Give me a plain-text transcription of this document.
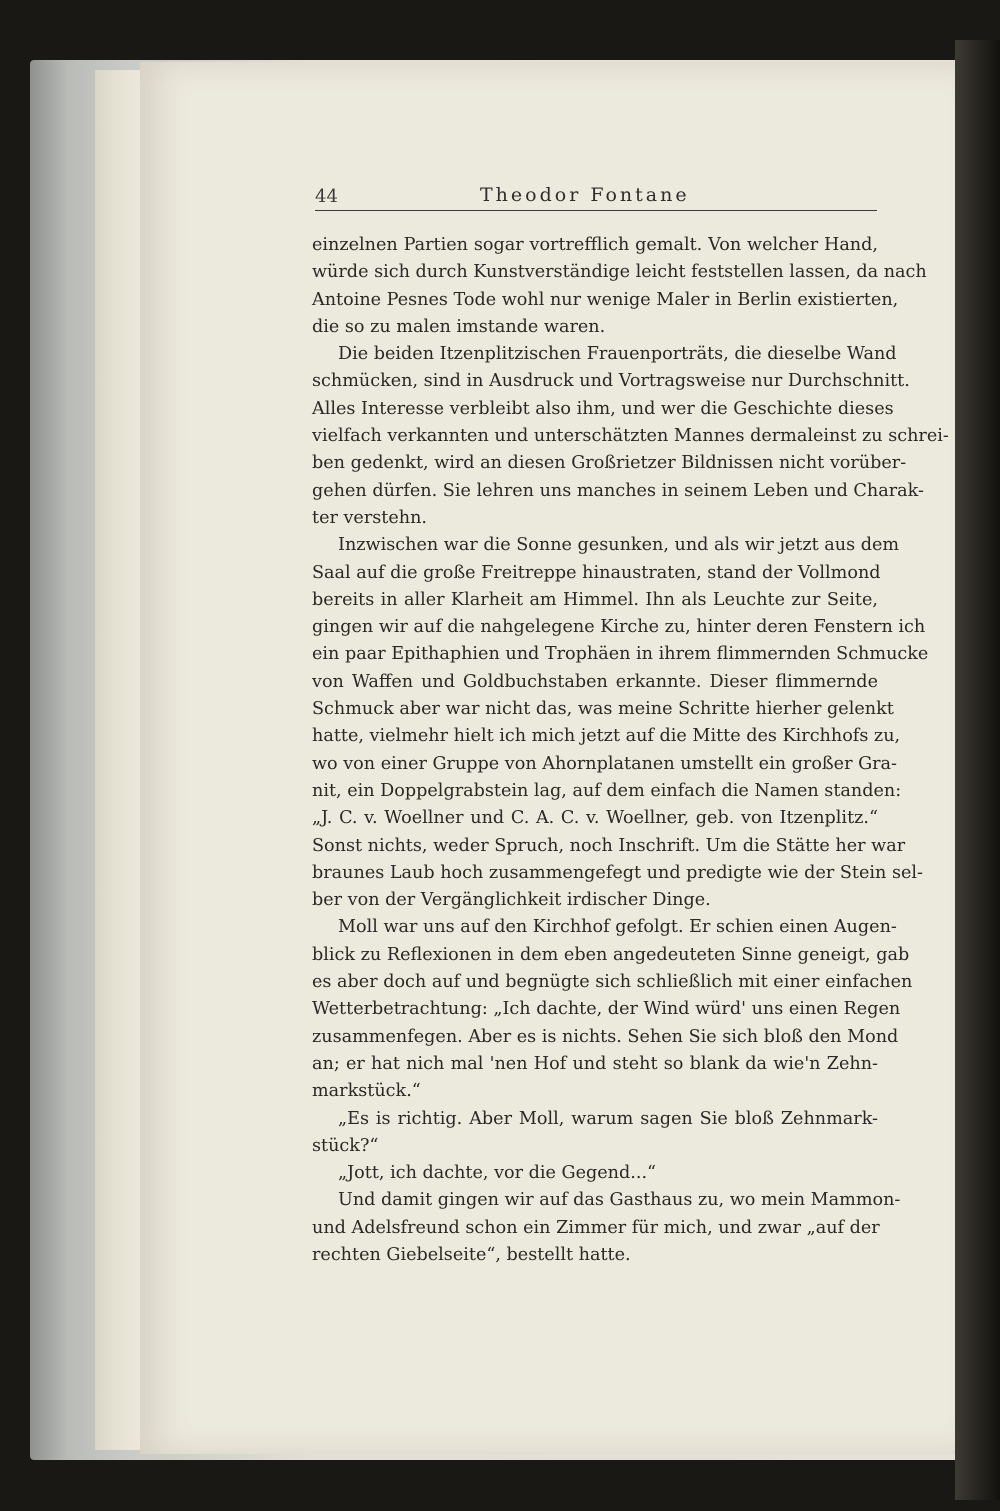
44	Theodor Fontane

einzelnen Partien sogar vortrefflich gemalt. Von welcher Hand,
würde sich durch Kunstverständige leicht feststellen lassen, da nach
Antoine Pesnes Tode wohl nur wenige Maler in Berlin existierten,
die so zu malen imstande waren.

Die beiden Itzenplitzischen Frauenporträts, die dieselbe Wand
schmücken, sind in Ausdruck und Vortragsweise nur Durchschnitt.
Alles Interesse verbleibt also ihm, und wer die Geschichte dieses
vielfach verkannten und unterschätzten Mannes dermaleinst zu schrei-
ben gedenkt, wird an diesen Großrietzer Bildnissen nicht vorüber-
gehen dürfen. Sie lehren uns manches in seinem Leben und Charak-
ter verstehn.

Inzwischen war die Sonne gesunken, und als wir jetzt aus dem
Saal auf die große Freitreppe hinaustraten, stand der Vollmond
bereits in aller Klarheit am Himmel. Ihn als Leuchte zur Seite,
gingen wir auf die nahgelegene Kirche zu, hinter deren Fenstern ich
ein paar Epithaphien und Trophäen in ihrem flimmernden Schmucke
von Waffen und Goldbuchstaben erkannte. Dieser flimmernde
Schmuck aber war nicht das, was meine Schritte hierher gelenkt
hatte, vielmehr hielt ich mich jetzt auf die Mitte des Kirchhofs zu,
wo von einer Gruppe von Ahornplatanen umstellt ein großer Gra-
nit, ein Doppelgrabstein lag, auf dem einfach die Namen standen:
„J. C. v. Woellner und C. A. C. v. Woellner, geb. von Itzenplitz.“
Sonst nichts, weder Spruch, noch Inschrift. Um die Stätte her war
braunes Laub hoch zusammengefegt und predigte wie der Stein sel-
ber von der Vergänglichkeit irdischer Dinge.

Moll war uns auf den Kirchhof gefolgt. Er schien einen Augen-
blick zu Reflexionen in dem eben angedeuteten Sinne geneigt, gab
es aber doch auf und begnügte sich schließlich mit einer einfachen
Wetterbetrachtung: „Ich dachte, der Wind würd' uns einen Regen
zusammenfegen. Aber es is nichts. Sehen Sie sich bloß den Mond
an; er hat nich mal 'nen Hof und steht so blank da wie'n Zehn-
markstück.“

„Es is richtig. Aber Moll, warum sagen Sie bloß Zehnmark-
stück?“

„Jott, ich dachte, vor die Gegend...“

Und damit gingen wir auf das Gasthaus zu, wo mein Mammon-
und Adelsfreund schon ein Zimmer für mich, und zwar „auf der
rechten Giebelseite“, bestellt hatte.
